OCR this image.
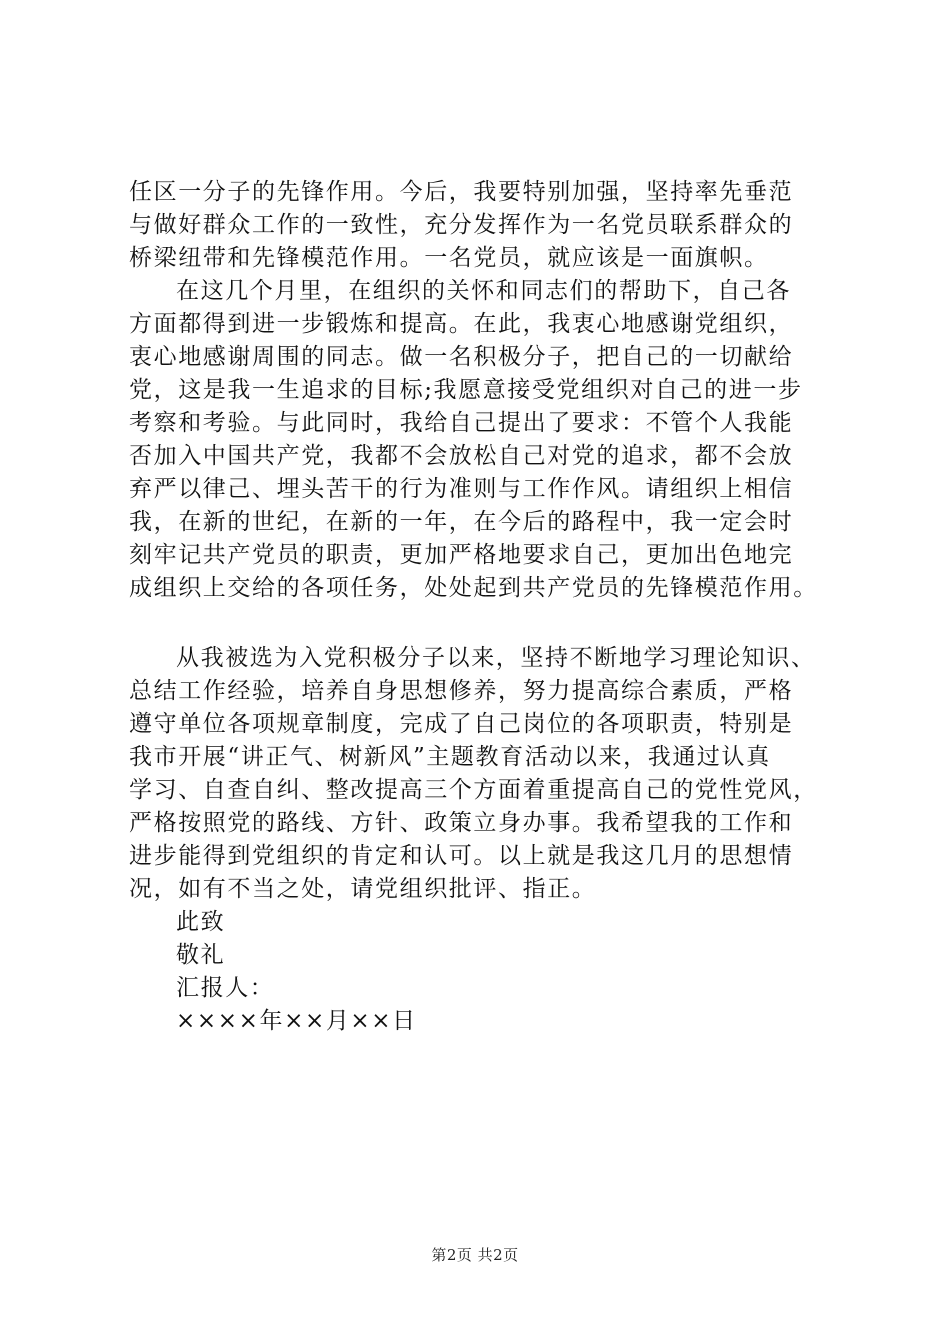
任区一分子的先锋作用。今后，我要特别加强，坚持率先垂范
与做好群众工作的一致性，充分发挥作为一名党员联系群众的
桥梁纽带和先锋模范作用。一名党员，就应该是一面旗帜。
在这几个月里，在组织的关怀和同志们的帮助下，自己各
方面都得到进一步锻炼和提高。在此，我衷心地感谢党组织，
衷心地感谢周围的同志。做一名积极分子，把自己的一切献给
党，这是我一生追求的目标;我愿意接受党组织对自己的进一步
考察和考验。与此同时，我给自己提出了要求：不管个人我能
否加入中国共产党，我都不会放松自己对党的追求，都不会放
弃严以律己、埋头苦干的行为准则与工作作风。请组织上相信
我，在新的世纪，在新的一年，在今后的路程中，我一定会时
刻牢记共产党员的职责，更加严格地要求自己，更加出色地完
成组织上交给的各项任务，处处起到共产党员的先锋模范作用。
从我被选为入党积极分子以来，坚持不断地学习理论知识、
总结工作经验，培养自身思想修养，努力提高综合素质，严格
遵守单位各项规章制度，完成了自己岗位的各项职责，特别是
我市开展“讲正气、树新风”主题教育活动以来，我通过认真
学习、自查自纠、整改提高三个方面着重提高自己的党性党风，
严格按照党的路线、方针、政策立身办事。我希望我的工作和
进步能得到党组织的肯定和认可。以上就是我这几月的思想情
况，如有不当之处，请党组织批评、指正。
此致
敬礼
汇报人：
××××年××月××日
第2页 共2页
